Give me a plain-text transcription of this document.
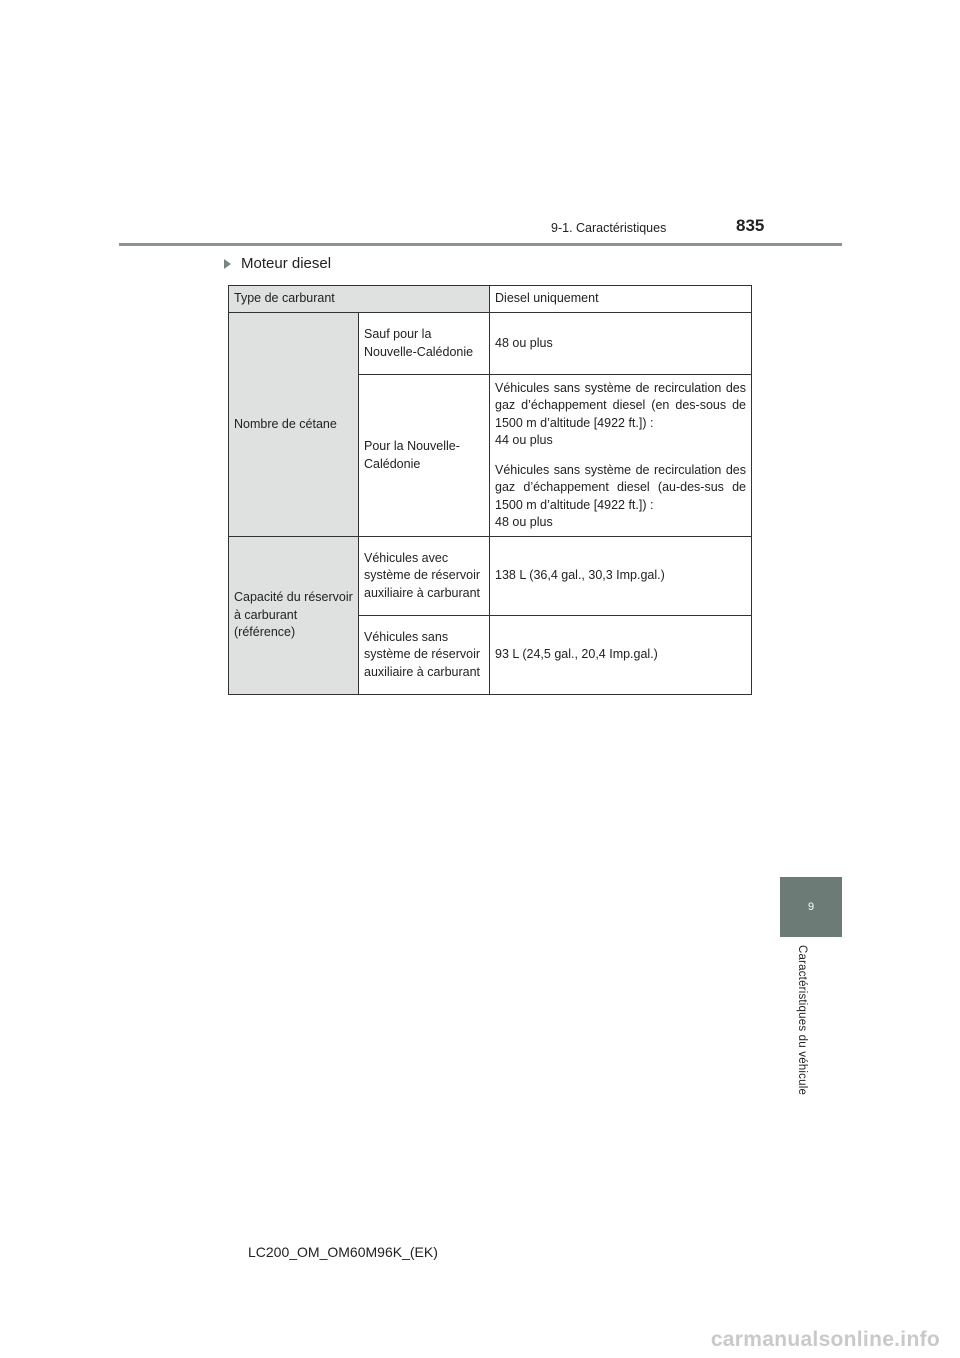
9-1. Caractéristiques	835
Moteur diesel
Type de carburant		Diesel uniquement
Nombre de cétane	Sauf pour la Nouvelle-Calédonie	48 ou plus

	Pour la Nouvelle-Calédonie	Véhicules sans système de recirculation des gaz d’échappement diesel (en des-sous de 1500 m d’altitude [4922 ft.]) :
44 ou plus

Véhicules sans système de recirculation des gaz d’échappement diesel (au-des-sus de 1500 m d’altitude [4922 ft.]) :
48 ou plus

Capacité du réservoir à carburant (référence)	Véhicules avec système de réservoir auxiliaire à carburant	138 L (36,4 gal., 30,3 Imp.gal.)
	Véhicules sans système de réservoir auxiliaire à carburant	93 L (24,5 gal., 20,4 Imp.gal.)
9
Caractéristiques du véhicule
LC200_OM_OM60M96K_(EK)
carmanualsonline.info
